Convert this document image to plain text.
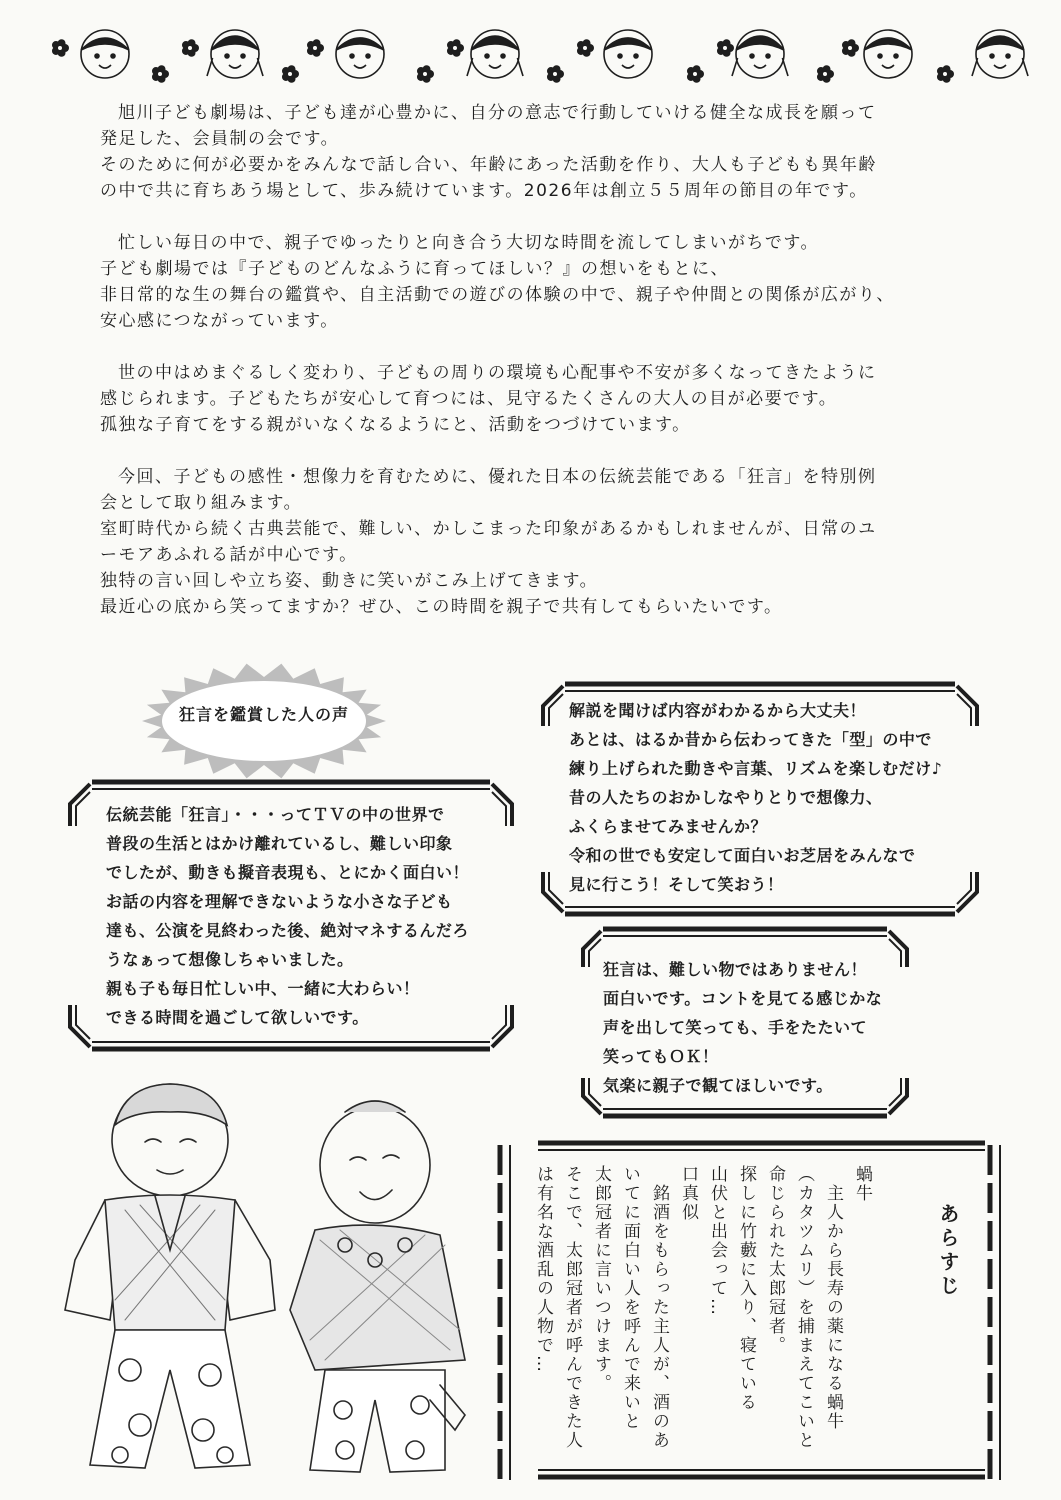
旭川子ども劇場は、子ども達が心豊かに、自分の意志で行動していける健全な成長を願って
発足した、会員制の会です。
そのために何が必要かをみんなで話し合い、年齢にあった活動を作り、大人も子どもも異年齢
の中で共に育ちあう場として、歩み続けています。2026年は創立５５周年の節目の年です。

忙しい毎日の中で、親子でゆったりと向き合う大切な時間を流してしまいがちです。
子ども劇場では『子どものどんなふうに育ってほしい？』の想いをもとに、
非日常的な生の舞台の鑑賞や、自主活動での遊びの体験の中で、親子や仲間との関係が広がり、
安心感につながっています。

世の中はめまぐるしく変わり、子どもの周りの環境も心配事や不安が多くなってきたように
感じられます。子どもたちが安心して育つには、見守るたくさんの大人の目が必要です。
孤独な子育てをする親がいなくなるようにと、活動をつづけています。

今回、子どもの感性・想像力を育むために、優れた日本の伝統芸能である「狂言」を特別例
会として取り組みます。
室町時代から続く古典芸能で、難しい、かしこまった印象があるかもしれませんが、日常のユ
ーモアあふれる話が中心です。
独特の言い回しや立ち姿、動きに笑いがこみ上げてきます。
最近心の底から笑ってますか？ぜひ、この時間を親子で共有してもらいたいです。

狂言を鑑賞した人の声
伝統芸能「狂言」・・・ってＴＶの中の世界で
普段の生活とはかけ離れているし、難しい印象
でしたが、動きも擬音表現も、とにかく面白い！
お話の内容を理解できないような小さな子ども
達も、公演を見終わった後、絶対マネするんだろ
うなぁって想像しちゃいました。
親も子も毎日忙しい中、一緒に大わらい！
できる時間を過ごして欲しいです。
解説を聞けば内容がわかるから大丈夫！
あとは、はるか昔から伝わってきた「型」の中で
練り上げられた動きや言葉、リズムを楽しむだけ♪
昔の人たちのおかしなやりとりで想像力、
ふくらませてみませんか？
令和の世でも安定して面白いお芝居をみんなで
見に行こう！そして笑おう！
狂言は、難しい物ではありません！
面白いです。コントを見てる感じかな
声を出して笑っても、手をたたいて
笑ってもＯＫ！
気楽に親子で観てほしいです。
あらすじ
蝸牛
　主人から長寿の薬になる蝸牛
（カタツムリ）を捕まえてこいと
命じられた太郎冠者。
探しに竹藪に入り、寝ている
山伏と出会って…
口真似
　銘酒をもらった主人が、酒のあ
いてに面白い人を呼んで来いと
太郎冠者に言いつけます。
そこで、太郎冠者が呼んできた人
は有名な酒乱の人物で…
